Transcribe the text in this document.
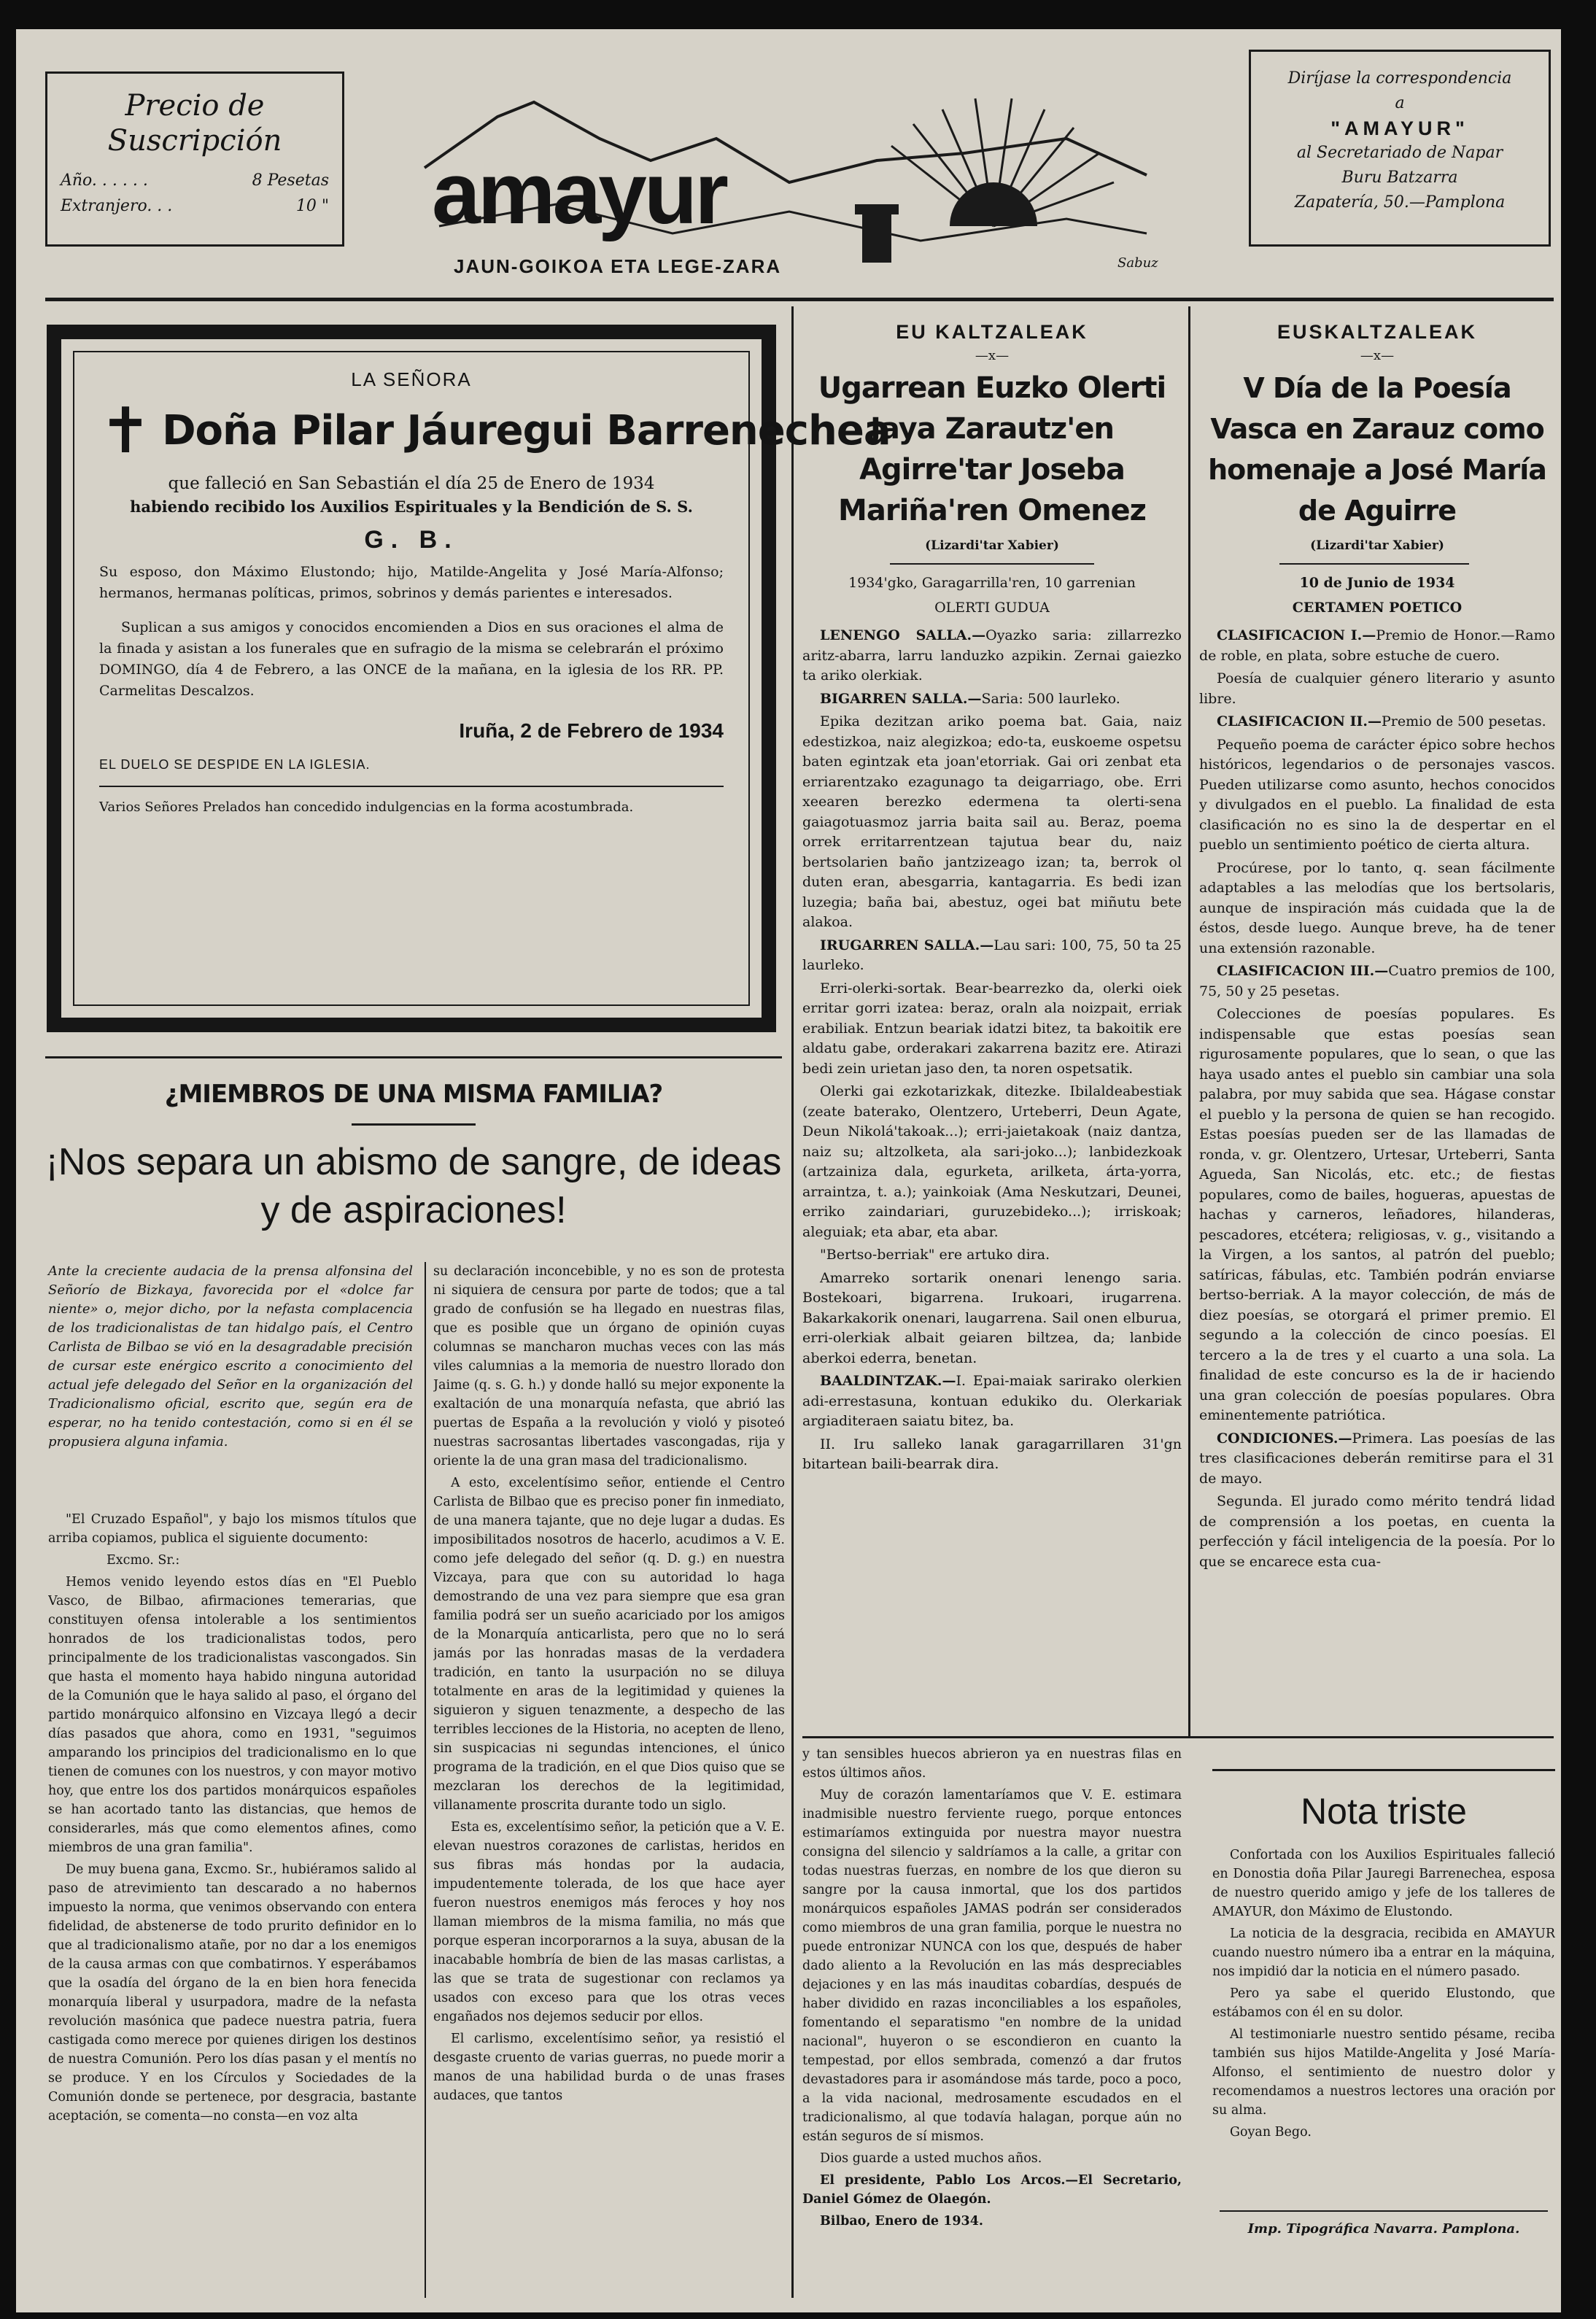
Precio de Suscripción
Año. . . . . .	8 Pesetas
Extranjero. . .	10 " amayur
JAUN-GOIKOA ETA LEGE-ZARA	Sabuz
Diríjase la correspondencia
a
"AMAYUR"
al Secretariado de Napar
Buru Batzarra
Zapatería, 50.—Pamplona
LA SEÑORA
✝ Doña Pilar Jáuregui Barrenechea
que falleció en San Sebastián el día 25 de Enero de 1934
habiendo recibido los Auxilios Espirituales y la Bendición de S. S.
G. B.
Su esposo, don Máximo Elustondo; hijo, Matilde-Angelita y José María-Alfonso; hermanos, hermanas políticas, primos, sobrinos y demás parientes e interesados.
Suplican a sus amigos y conocidos encomienden a Dios en sus oraciones el alma de la finada y asistan a los funerales que en sufragio de la misma se celebrarán el próximo DOMINGO, día 4 de Febrero, a las ONCE de la mañana, en la iglesia de los RR. PP. Carmelitas Descalzos.
Iruña, 2 de Febrero de 1934
EL DUELO SE DESPIDE EN LA IGLESIA.
Varios Señores Prelados han concedido indulgencias en la forma acostumbrada.
¿MIEMBROS DE UNA MISMA FAMILIA?
¡Nos separa un abismo de sangre, de ideas y de aspiraciones!
Ante la creciente audacia de la prensa alfonsina del Señorío de Bizkaya, favorecida por el «dolce far niente» o, mejor dicho, por la nefasta complacencia de los tradicionalistas de tan hidalgo país, el Centro Carlista de Bilbao se vió en la desagradable precisión de cursar este enérgico escrito a conocimiento del actual jefe delegado del Señor en la organización del Tradicionalismo oficial, escrito que, según era de esperar, no ha tenido contestación, como si en él se propusiera alguna infamia.

"El Cruzado Español", y bajo los mismos títulos que arriba copiamos, publica el siguiente documento:

Excmo. Sr.:

Hemos venido leyendo estos días en "El Pueblo Vasco, de Bilbao, afirmaciones temerarias, que constituyen ofensa intolerable a los sentimientos honrados de los tradicionalistas todos, pero principalmente de los tradicionalistas vascongados. Sin que hasta el momento haya habido ninguna autoridad de la Comunión que le haya salido al paso, el órgano del partido monárquico alfonsino en Vizcaya llegó a decir días pasados que ahora, como en 1931, "seguimos amparando los principios del tradicionalismo en lo que tienen de comunes con los nuestros, y con mayor motivo hoy, que entre los dos partidos monárquicos españoles se han acortado tanto las distancias, que hemos de considerarles, más que como elementos afines, como miembros de una gran familia".

De muy buena gana, Excmo. Sr., hubiéramos salido al paso de atrevimiento tan descarado a no habernos impuesto la norma, que venimos observando con entera fidelidad, de abstenerse de todo prurito definidor en lo que al tradicionalismo atañe, por no dar a los enemigos de la causa armas con que combatirnos. Y esperábamos que la osadía del órgano de la en bien hora fenecida monarquía liberal y usurpadora, madre de la nefasta revolución masónica que padece nuestra patria, fuera castigada como merece por quienes dirigen los destinos de nuestra Comunión. Pero los días pasan y el mentís no se produce. Y en los Círculos y Sociedades de la Comunión donde se pertenece, por desgracia, bastante aceptación, se comenta—no consta—en voz alta

su declaración inconcebible, y no es son de protesta ni siquiera de censura por parte de todos; que a tal grado de confusión se ha llegado en nuestras filas, que es posible que un órgano de opinión cuyas columnas se mancharon muchas veces con las más viles calumnias a la memoria de nuestro llorado don Jaime (q. s. G. h.) y donde halló su mejor exponente la exaltación de una monarquía nefasta, que abrió las puertas de España a la revolución y violó y pisoteó nuestras sacrosantas libertades vascongadas, rija y oriente la de una gran masa del tradicionalismo.

A esto, excelentísimo señor, entiende el Centro Carlista de Bilbao que es preciso poner fin inmediato, de una manera tajante, que no deje lugar a dudas. Es imposibilitados nosotros de hacerlo, acudimos a V. E. como jefe delegado del señor (q. D. g.) en nuestra Vizcaya, para que con su autoridad lo haga demostrando de una vez para siempre que esa gran familia podrá ser un sueño acariciado por los amigos de la Monarquía anticarlista, pero que no lo será jamás por las honradas masas de la verdadera tradición, en tanto la usurpación no se diluya totalmente en aras de la legitimidad y quienes la siguieron y siguen tenazmente, a despecho de las terribles lecciones de la Historia, no acepten de lleno, sin suspicacias ni segundas intenciones, el único programa de la tradición, en el que Dios quiso que se mezclaran los derechos de la legitimidad, villanamente proscrita durante todo un siglo.

Esta es, excelentísimo señor, la petición que a V. E. elevan nuestros corazones de carlistas, heridos en sus fibras más hondas por la audacia, impudentemente tolerada, de los que hace ayer fueron nuestros enemigos más feroces y hoy nos llaman miembros de la misma familia, no más que porque esperan incorporarnos a la suya, abusan de la inacabable hombría de bien de las masas carlistas, a las que se trata de sugestionar con reclamos ya usados con exceso para que los otras veces engañados nos dejemos seducir por ellos.

El carlismo, excelentísimo señor, ya resistió el desgaste cruento de varias guerras, no puede morir a manos de una habilidad burda o de unas frases audaces, que tantos

EU KALTZALEAK
—x—
Ugarrean Euzko Olerti Jaya Zarautz'en Agirre'tar Joseba Mariña'ren Omenez
(Lizardi'tar Xabier)
1934'gko, Garagarrilla'ren, 10 garrenian
OLERTI GUDUA

LENENGO SALLA.—Oyazko saria: zillarrezko aritz-abarra, larru landuzko azpikin. Zernai gaiezko ta ariko olerkiak.

BIGARREN SALLA.—Saria: 500 laurleko.

Epika dezitzan ariko poema bat. Gaia, naiz edestizkoa, naiz alegizkoa; edo-ta, euskoeme ospetsu baten egintzak eta joan'etorriak. Gai ori zenbat eta erriarentzako ezagunago ta deigarriago, obe. Erri xeearen berezko edermena ta olerti-sena gaiagotuasmoz jarria baita sail au. Beraz, poema orrek erritarrentzean tajutua bear du, naiz bertsolarien baño jantzizeago izan; ta, berrok ol duten eran, abesgarria, kantagarria. Es bedi izan luzegia; baña bai, abestuz, ogei bat miñutu bete alakoa.

IRUGARREN SALLA.—Lau sari: 100, 75, 50 ta 25 laurleko.

Erri-olerki-sortak. Bear-bearrezko da, olerki oiek erritar gorri izatea: beraz, oraln ala noizpait, erriak erabiliak. Entzun beariak idatzi bitez, ta bakoitik ere aldatu gabe, orderakari zakarrena bazitz ere. Atirazi bedi zein urietan jaso den, ta noren ospetsatik.

Olerki gai ezkotarizkak, ditezke. Ibilaldeabestiak (zeate baterako, Olentzero, Urteberri, Deun Agate, Deun Nikolá'takoak...); erri-jaietakoak (naiz dantza, naiz su; altzolketa, ala sari-joko...); lanbidezkoak (artzainiza dala, egurketa, arilketa, árta-yorra, arraintza, t. a.); yainkoiak (Ama Neskutzari, Deunei, erriko zaindariari, guruzebideko...); irriskoak; aleguiak; eta abar, eta abar.

"Bertso-berriak" ere artuko dira.

Amarreko sortarik onenari lenengo saria. Bostekoari, bigarrena. Irukoari, irugarrena. Bakarkakorik onenari, laugarrena. Sail onen elburua, erri-olerkiak albait geiaren biltzea, da; lanbide aberkoi ederra, benetan.

BAALDINTZAK.—I. Epai-maiak sarirako olerkien adi-errestasuna, kontuan edukiko du. Olerkariak argiaditeraen saiatu bitez, ba.

II. Iru salleko lanak garagarrillaren 31'gn bitartean baili-bearrak dira.

EUSKALTZALEAK
—x—
V Día de la Poesía Vasca en Zarauz como homenaje a José María de Aguirre
(Lizardi'tar Xabier)
10 de Junio de 1934
CERTAMEN POETICO

CLASIFICACION I.—Premio de Honor.—Ramo de roble, en plata, sobre estuche de cuero.

Poesía de cualquier género literario y asunto libre.

CLASIFICACION II.—Premio de 500 pesetas.

Pequeño poema de carácter épico sobre hechos históricos, legendarios o de personajes vascos. Pueden utilizarse como asunto, hechos conocidos y divulgados en el pueblo. La finalidad de esta clasificación no es sino la de despertar en el pueblo un sentimiento poético de cierta altura.

Procúrese, por lo tanto, q. sean fácilmente adaptables a las melodías que los bertsolaris, aunque de inspiración más cuidada que la de éstos, desde luego. Aunque breve, ha de tener una extensión razonable.

CLASIFICACION III.—Cuatro premios de 100, 75, 50 y 25 pesetas.

Colecciones de poesías populares. Es indispensable que estas poesías sean rigurosamente populares, que lo sean, o que las haya usado antes el pueblo sin cambiar una sola palabra, por muy sabida que sea. Hágase constar el pueblo y la persona de quien se han recogido. Estas poesías pueden ser de las llamadas de ronda, v. gr. Olentzero, Urtesar, Urteberri, Santa Agueda, San Nicolás, etc. etc.; de fiestas populares, como de bailes, hogueras, apuestas de hachas y carneros, leñadores, hilanderas, pescadores, etcétera; religiosas, v. g., visitando a la Virgen, a los santos, al patrón del pueblo; satíricas, fábulas, etc. También podrán enviarse bertso-berriak. A la mayor colección, de más de diez poesías, se otorgará el primer premio. El segundo a la colección de cinco poesías. El tercero a la de tres y el cuarto a una sola. La finalidad de este concurso es la de ir haciendo una gran colección de poesías populares. Obra eminentemente patriótica.

CONDICIONES.—Primera. Las poesías de las tres clasificaciones deberán remitirse para el 31 de mayo.

Segunda. El jurado como mérito tendrá lidad de comprensión a los poetas, en cuenta la perfección y fácil inteligencia de la poesía. Por lo que se encarece esta cua-

y tan sensibles huecos abrieron ya en nuestras filas en estos últimos años.

Muy de corazón lamentaríamos que V. E. estimara inadmisible nuestro ferviente ruego, porque entonces estimaríamos extinguida por nuestra mayor nuestra consigna del silencio y saldríamos a la calle, a gritar con todas nuestras fuerzas, en nombre de los que dieron su sangre por la causa inmortal, que los dos partidos monárquicos españoles JAMAS podrán ser considerados como miembros de una gran familia, porque le nuestra no puede entronizar NUNCA con los que, después de haber dado aliento a la Revolución en las más despreciables dejaciones y en las más inauditas cobardías, después de haber dividido en razas inconciliables a los españoles, fomentando el separatismo "en nombre de la unidad nacional", huyeron o se escondieron en cuanto la tempestad, por ellos sembrada, comenzó a dar frutos devastadores para ir asomándose más tarde, poco a poco, a la vida nacional, medrosamente escudados en el tradicionalismo, al que todavía halagan, porque aún no están seguros de sí mismos.

Dios guarde a usted muchos años.

El presidente, Pablo Los Arcos.—El Secretario, Daniel Gómez de Olaegón.

Bilbao, Enero de 1934.

Nota triste

Confortada con los Auxilios Espirituales falleció en Donostia doña Pilar Jauregi Barrenechea, esposa de nuestro querido amigo y jefe de los talleres de AMAYUR, don Máximo de Elustondo.

La noticia de la desgracia, recibida en AMAYUR cuando nuestro número iba a entrar en la máquina, nos impidió dar la noticia en el número pasado.

Pero ya sabe el querido Elustondo, que estábamos con él en su dolor.

Al testimoniarle nuestro sentido pésame, reciba también sus hijos Matilde-Angelita y José María-Alfonso, el sentimiento de nuestro dolor y recomendamos a nuestros lectores una oración por su alma.

Goyan Bego.

Imp. Tipográfica Navarra. Pamplona.
